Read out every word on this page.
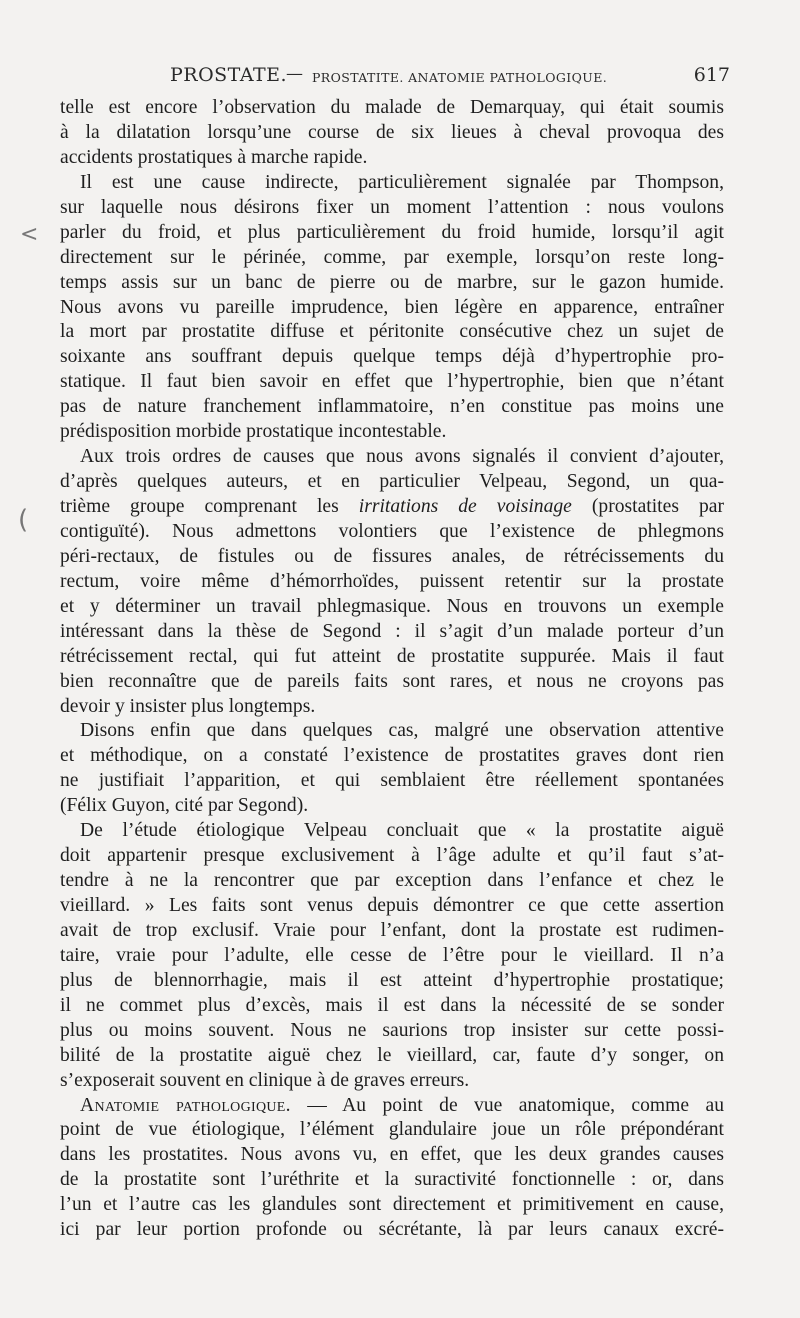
PROSTATE.
— PROSTATITE. ANATOMIE PATHOLOGIQUE.	617
<
(
telle est encore l’observation du malade de Demarquay, qui était soumis
à la dilatation lorsqu’une course de six lieues à cheval provoqua des
accidents prostatiques à marche rapide.
Il est une cause indirecte, particulièrement signalée par Thompson,
sur laquelle nous désirons fixer un moment l’attention : nous voulons
parler du froid, et plus particulièrement du froid humide, lorsqu’il agit
directement sur le périnée, comme, par exemple, lorsqu’on reste long-
temps assis sur un banc de pierre ou de marbre, sur le gazon humide.
Nous avons vu pareille imprudence, bien légère en apparence, entraîner
la mort par prostatite diffuse et péritonite consécutive chez un sujet de
soixante ans souffrant depuis quelque temps déjà d’hypertrophie pro-
statique. Il faut bien savoir en effet que l’hypertrophie, bien que n’étant
pas de nature franchement inflammatoire, n’en constitue pas moins une
prédisposition morbide prostatique incontestable.
Aux trois ordres de causes que nous avons signalés il convient d’ajouter,
d’après quelques auteurs, et en particulier Velpeau, Segond, un qua-
trième groupe comprenant les irritations de voisinage (prostatites par
contiguïté). Nous admettons volontiers que l’existence de phlegmons
péri-rectaux, de fistules ou de fissures anales, de rétrécissements du
rectum, voire même d’hémorrhoïdes, puissent retentir sur la prostate
et y déterminer un travail phlegmasique. Nous en trouvons un exemple
intéressant dans la thèse de Segond : il s’agit d’un malade porteur d’un
rétrécissement rectal, qui fut atteint de prostatite suppurée. Mais il faut
bien reconnaître que de pareils faits sont rares, et nous ne croyons pas
devoir y insister plus longtemps.
Disons enfin que dans quelques cas, malgré une observation attentive
et méthodique, on a constaté l’existence de prostatites graves dont rien
ne justifiait l’apparition, et qui semblaient être réellement spontanées
(Félix Guyon, cité par Segond).
De l’étude étiologique Velpeau concluait que « la prostatite aiguë
doit appartenir presque exclusivement à l’âge adulte et qu’il faut s’at-
tendre à ne la rencontrer que par exception dans l’enfance et chez le
vieillard. » Les faits sont venus depuis démontrer ce que cette assertion
avait de trop exclusif. Vraie pour l’enfant, dont la prostate est rudimen-
taire, vraie pour l’adulte, elle cesse de l’être pour le vieillard. Il n’a
plus de blennorrhagie, mais il est atteint d’hypertrophie prostatique;
il ne commet plus d’excès, mais il est dans la nécessité de se sonder
plus ou moins souvent. Nous ne saurions trop insister sur cette possi-
bilité de la prostatite aiguë chez le vieillard, car, faute d’y songer, on
s’exposerait souvent en clinique à de graves erreurs.
Anatomie pathologique. — Au point de vue anatomique, comme au
point de vue étiologique, l’élément glandulaire joue un rôle prépondérant
dans les prostatites. Nous avons vu, en effet, que les deux grandes causes
de la prostatite sont l’uréthrite et la suractivité fonctionnelle : or, dans
l’un et l’autre cas les glandules sont directement et primitivement en cause,
ici par leur portion profonde ou sécrétante, là par leurs canaux excré-
